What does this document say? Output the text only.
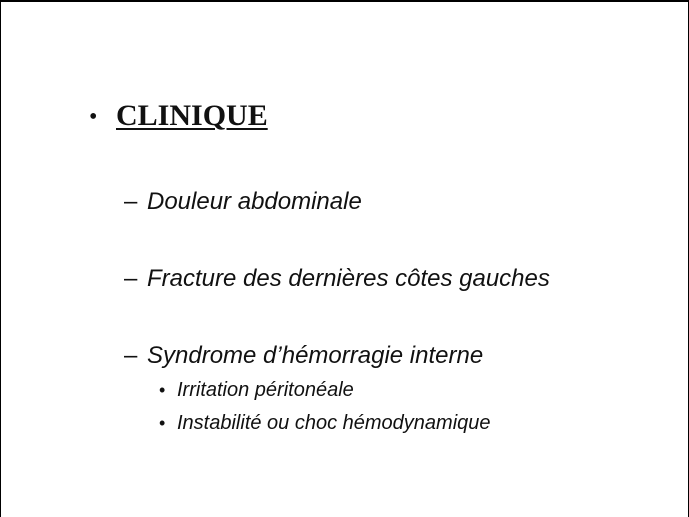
• CLINIQUE
– Douleur abdominale
– Fracture des dernières côtes gauches
– Syndrome d’hémorragie interne
• Irritation péritonéale
• Instabilité ou choc hémodynamique
